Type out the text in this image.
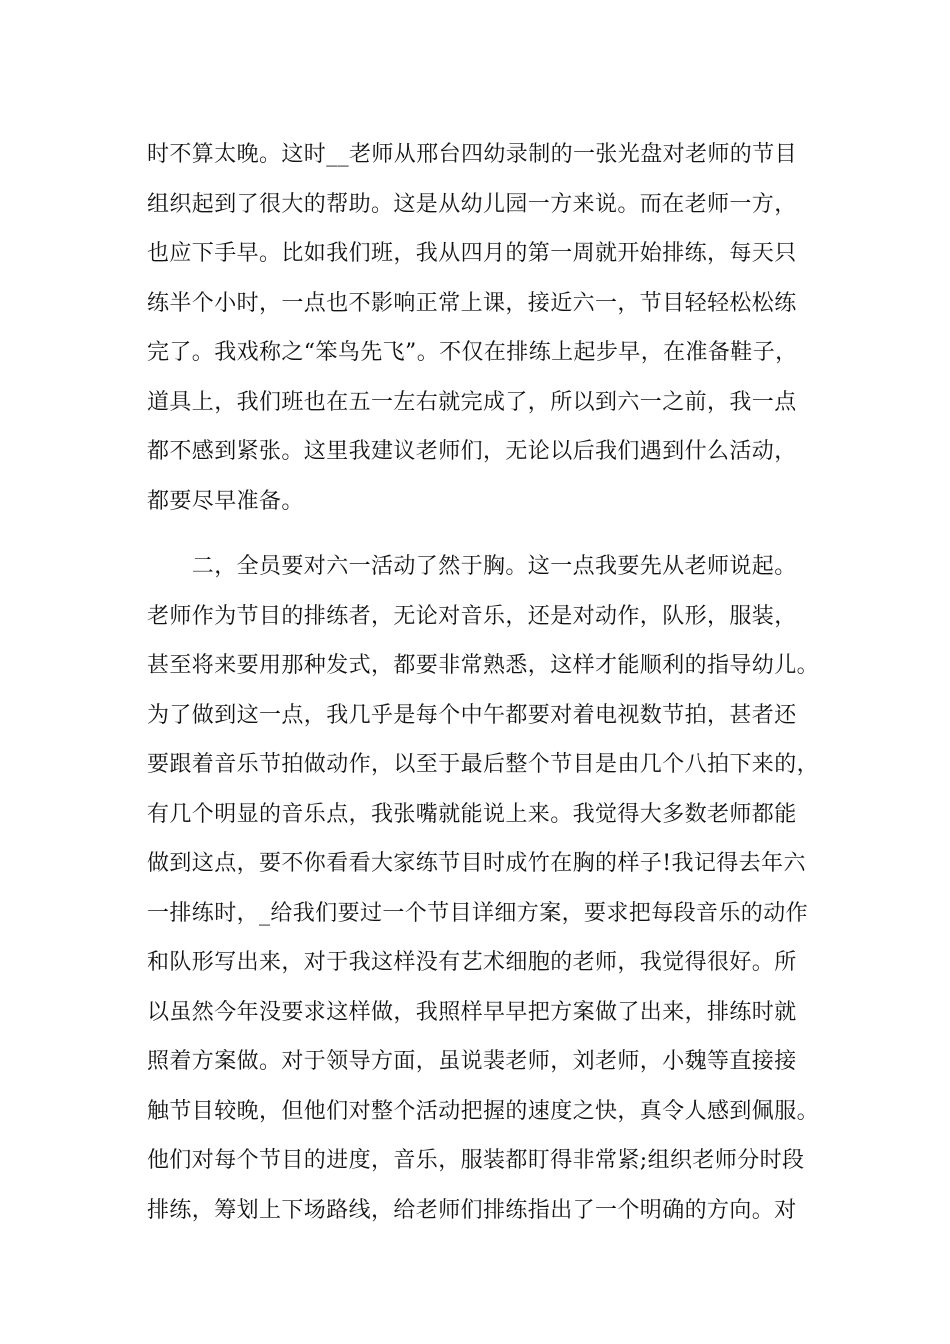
时不算太晚。这时__老师从邢台四幼录制的一张光盘对老师的节目
组织起到了很大的帮助。这是从幼儿园一方来说。而在老师一方，
也应下手早。比如我们班，我从四月的第一周就开始排练，每天只
练半个小时，一点也不影响正常上课，接近六一，节目轻轻松松练
完了。我戏称之“笨鸟先飞”。不仅在排练上起步早，在准备鞋子，
道具上，我们班也在五一左右就完成了，所以到六一之前，我一点
都不感到紧张。这里我建议老师们，无论以后我们遇到什么活动，
都要尽早准备。
　　二，全员要对六一活动了然于胸。这一点我要先从老师说起。
老师作为节目的排练者，无论对音乐，还是对动作，队形，服装，
甚至将来要用那种发式，都要非常熟悉，这样才能顺利的指导幼儿。
为了做到这一点，我几乎是每个中午都要对着电视数节拍，甚者还
要跟着音乐节拍做动作，以至于最后整个节目是由几个八拍下来的，
有几个明显的音乐点，我张嘴就能说上来。我觉得大多数老师都能
做到这点，要不你看看大家练节目时成竹在胸的样子!我记得去年六
一排练时，_给我们要过一个节目详细方案，要求把每段音乐的动作
和队形写出来，对于我这样没有艺术细胞的老师，我觉得很好。所
以虽然今年没要求这样做，我照样早早把方案做了出来，排练时就
照着方案做。对于领导方面，虽说裴老师，刘老师，小魏等直接接
触节目较晚，但他们对整个活动把握的速度之快，真令人感到佩服。
他们对每个节目的进度，音乐，服装都盯得非常紧;组织老师分时段
排练，筹划上下场路线，给老师们排练指出了一个明确的方向。对
